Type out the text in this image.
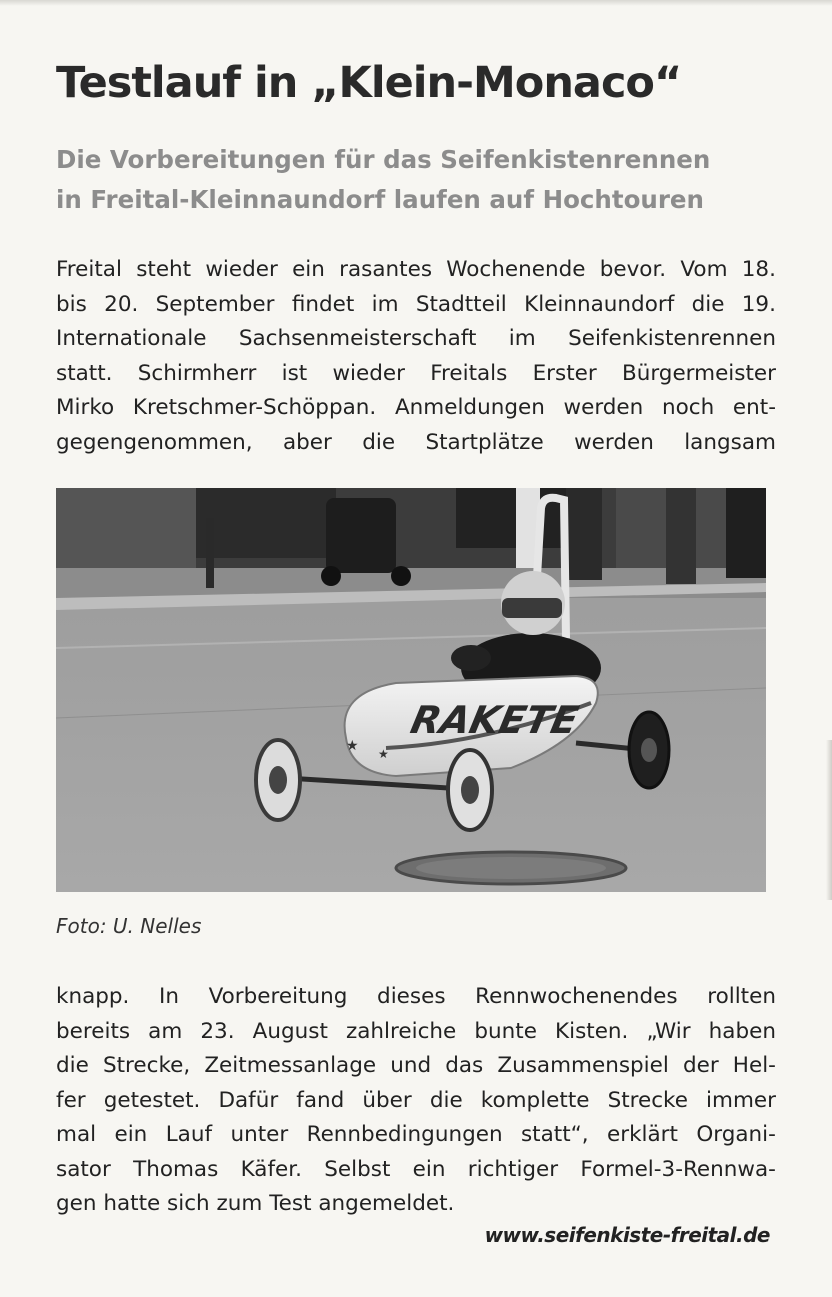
Testlauf in „Klein-Monaco“
Die Vorbereitungen für das Seifenkistenrennen
in Freital-Kleinnaundorf laufen auf Hochtouren
Freital steht wieder ein rasantes Wochenende bevor. Vom 18.
bis 20. September findet im Stadtteil Kleinnaundorf die 19.
Internationale Sachsenmeisterschaft im Seifenkistenrennen
statt. Schirmherr ist wieder Freitals Erster Bürgermeister
Mirko Kretschmer-Schöppan. Anmeldungen werden noch ent-
gegengenommen, aber die Startplätze werden langsam
RAKETE
★ ★
Foto: U. Nelles
knapp. In Vorbereitung dieses Rennwochenendes rollten
bereits am 23. August zahlreiche bunte Kisten. „Wir haben
die Strecke, Zeitmessanlage und das Zusammenspiel der Hel-
fer getestet. Dafür fand über die komplette Strecke immer
mal ein Lauf unter Rennbedingungen statt“, erklärt Organi-
sator Thomas Käfer. Selbst ein richtiger Formel-3-Rennwa-
gen hatte sich zum Test angemeldet.
www.seifenkiste-freital.de
